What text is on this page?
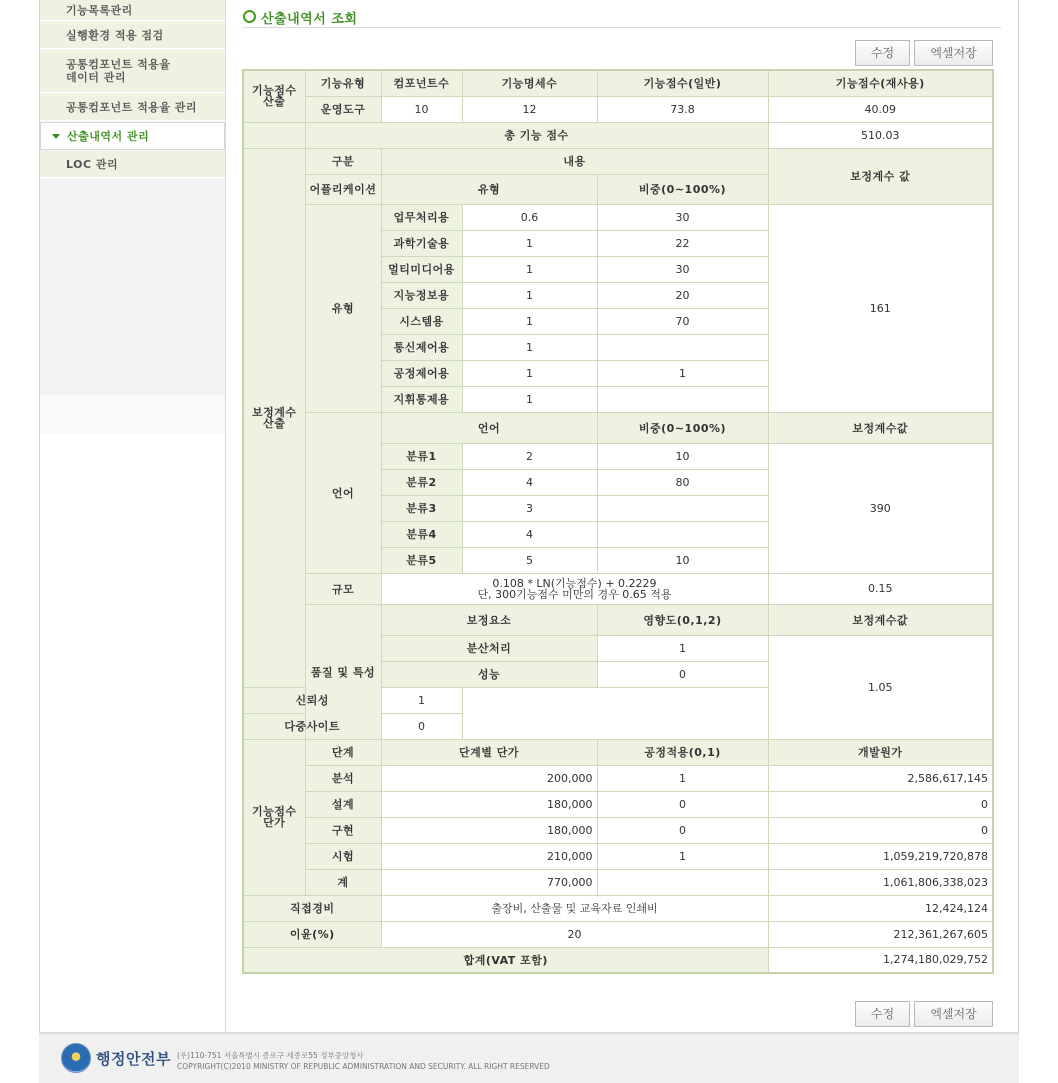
기능목록관리
실행환경 적용 점검
공통컴포넌트 적용율
데이터 관리
공통컴포넌트 적용율 관리
산출내역서 관리
LOC 관리
산출내역서 조회
수정	엑셀저장
기능점수 산출	기능유형	컴포넌트수	기능명세수	기능점수(일반)	기능점수(재사용)
	운영도구	10	12	73.8	40.09
	총 기능 점수				510.03
보정계수 산출	구분	내용			보정계수 값
	어플리케이션	유형		비중(0~100%)	
	유형	업무처리용	0.6	30	161
		과학기술용	1	22	
		멀티미디어용	1	30	
		지능정보용	1	20	
		시스템용	1	70	
		통신제어용	1		
		공정제어용	1	1	
		지휘통제용	1		
	언어	언어		비중(0~100%)	보정계수값
		분류1	2	10	390
		분류2	4	80	
		분류3	3		
		분류4	4		
		분류5	5	10	
	규모	0.108 * LN(기능점수) + 0.2229
단, 300기능점수 미만의 경우 0.65 적용			0.15
	품질 및 특성	보정요소		영향도(0,1,2)	보정계수값
		분산처리		1	1.05
		성능		0	
신뢰성		1			
다중사이트		0			
기능점수 단가	단계	단계별 단가		공정적용(0,1)	개발원가
	분석	200,000		1	2,586,617,145
	설계	180,000		0	0
	구현	180,000		0	0
	시험	210,000		1	1,059,219,720,878
	계	770,000			1,061,806,338,023
직접경비		출장비, 산출물 및 교육자료 인쇄비			12,424,124
이윤(%)		20			212,361,267,605
합계(VAT 포함)					1,274,180,029,752
수정	엑셀저장
행정안전부 (우)110-751 서울특별시 종로구 세종로55 정부중앙청사
COPYRIGHT(C)2010 MINISTRY OF REPUBLIC ADMINISTRATION AND SECURITY. ALL RIGHT RESERVED
